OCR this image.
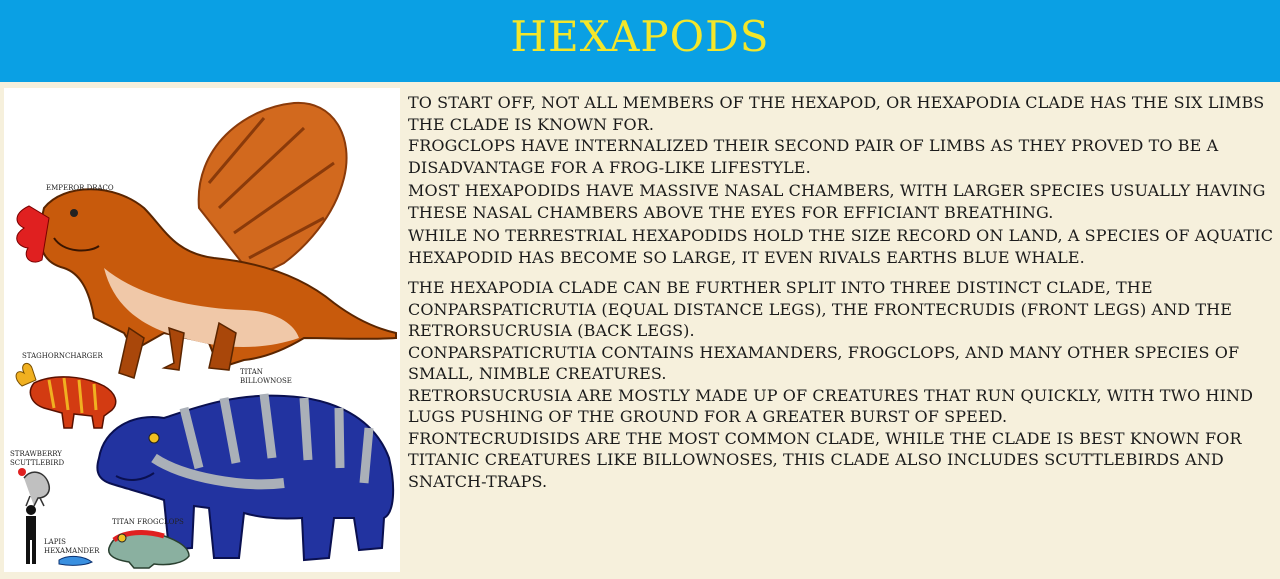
HEXAPODS
EMPEROR DRACO
STAGHORNCHARGER
TITAN BILLOWNOSE
STRAWBERRY SCUTTLEBIRD
LAPIS HEXAMANDER
TITAN FROGCLOPS

TO START OFF, NOT ALL MEMBERS OF THE HEXAPOD, OR HEXAPODIA CLADE HAS THE SIX LIMBS THE CLADE IS KNOWN FOR.

FROGCLOPS HAVE INTERNALIZED THEIR SECOND PAIR OF LIMBS AS THEY PROVED TO BE A DISADVANTAGE FOR A FROG-LIKE LIFESTYLE.

MOST HEXAPODIDS HAVE MASSIVE NASAL CHAMBERS, WITH LARGER SPECIES USUALLY HAVING THESE NASAL CHAMBERS ABOVE THE EYES FOR EFFICIANT BREATHING.

WHILE NO TERRESTRIAL HEXAPODIDS HOLD THE SIZE RECORD ON LAND, A SPECIES OF AQUATIC HEXAPODID HAS BECOME SO LARGE, IT EVEN RIVALS EARTHS BLUE WHALE.

THE HEXAPODIA CLADE CAN BE FURTHER SPLIT INTO THREE DISTINCT CLADE, THE CONPARSPATICRUTIA (EQUAL DISTANCE LEGS), THE FRONTECRUDIS (FRONT LEGS) AND THE RETRORSUCRUSIA (BACK LEGS).

CONPARSPATICRUTIA CONTAINS HEXAMANDERS, FROGCLOPS, AND MANY OTHER SPECIES OF SMALL, NIMBLE CREATURES.

RETRORSUCRUSIA ARE MOSTLY MADE UP OF CREATURES THAT RUN QUICKLY, WITH TWO HIND LUGS PUSHING OF THE GROUND FOR A GREATER BURST OF SPEED.

FRONTECRUDISIDS ARE THE MOST COMMON CLADE, WHILE THE CLADE IS BEST KNOWN FOR TITANIC CREATURES LIKE BILLOWNOSES, THIS CLADE ALSO INCLUDES SCUTTLEBIRDS AND SNATCH-TRAPS.
